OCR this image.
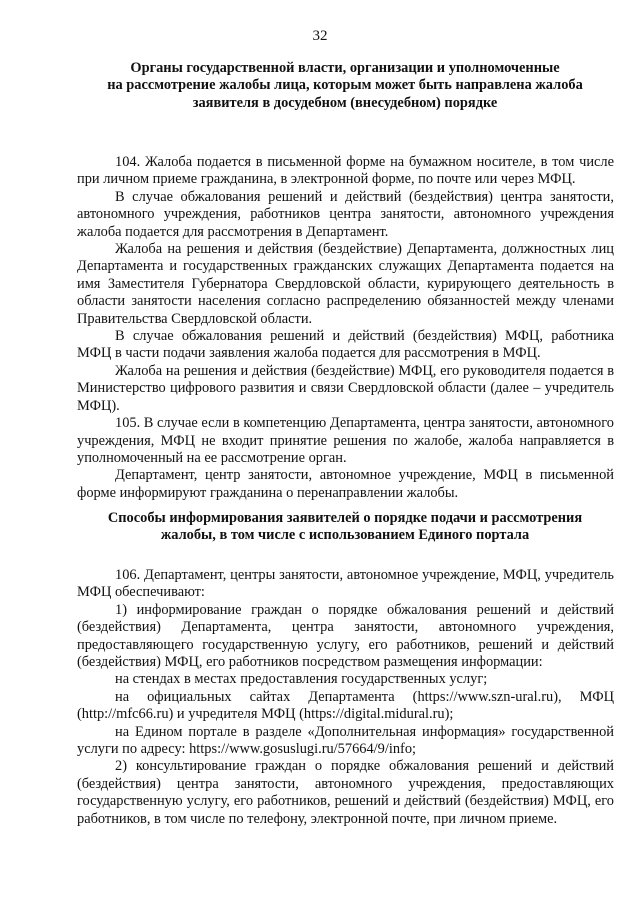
32
Органы государственной власти, организации и уполномоченные
на рассмотрение жалобы лица, которым может быть направлена жалоба
заявителя в досудебном (внесудебном) порядке

104. Жалоба подается в письменной форме на бумажном носителе, в том числе при личном приеме гражданина, в электронной форме, по почте или через МФЦ.

В случае обжалования решений и действий (бездействия) центра занятости, автономного учреждения, работников центра занятости, автономного учреждения жалоба подается для рассмотрения в Департамент.

Жалоба на решения и действия (бездействие) Департамента, должностных лиц Департамента и государственных гражданских служащих Департамента подается на имя Заместителя Губернатора Свердловской области, курирующего деятельность в области занятости населения согласно распределению обязанностей между членами Правительства Свердловской области.

В случае обжалования решений и действий (бездействия) МФЦ, работника МФЦ в части подачи заявления жалоба подается для рассмотрения в МФЦ.

Жалоба на решения и действия (бездействие) МФЦ, его руководителя подается в Министерство цифрового развития и связи Свердловской области (далее – учредитель МФЦ).

105. В случае если в компетенцию Департамента, центра занятости, автономного учреждения, МФЦ не входит принятие решения по жалобе, жалоба направляется в уполномоченный на ее рассмотрение орган.

Департамент, центр занятости, автономное учреждение, МФЦ в письменной форме информируют гражданина о перенаправлении жалобы.

Способы информирования заявителей о порядке подачи и рассмотрения
жалобы, в том числе с использованием Единого портала

106. Департамент, центры занятости, автономное учреждение, МФЦ, учредитель МФЦ обеспечивают:

1) информирование граждан о порядке обжалования решений и действий (бездействия) Департамента, центра занятости, автономного учреждения, предоставляющего государственную услугу, его работников, решений и действий (бездействия) МФЦ, его работников посредством размещения информации:

на стендах в местах предоставления государственных услуг;

на официальных сайтах Департамента (https://www.szn-ural.ru), МФЦ (http://mfc66.ru) и учредителя МФЦ (https://digital.midural.ru);

на Едином портале в разделе «Дополнительная информация» государственной услуги по адресу: https://www.gosuslugi.ru/57664/9/info;

2) консультирование граждан о порядке обжалования решений и действий (бездействия) центра занятости, автономного учреждения, предоставляющих государственную услугу, его работников, решений и действий (бездействия) МФЦ, его работников, в том числе по телефону, электронной почте, при личном приеме.
